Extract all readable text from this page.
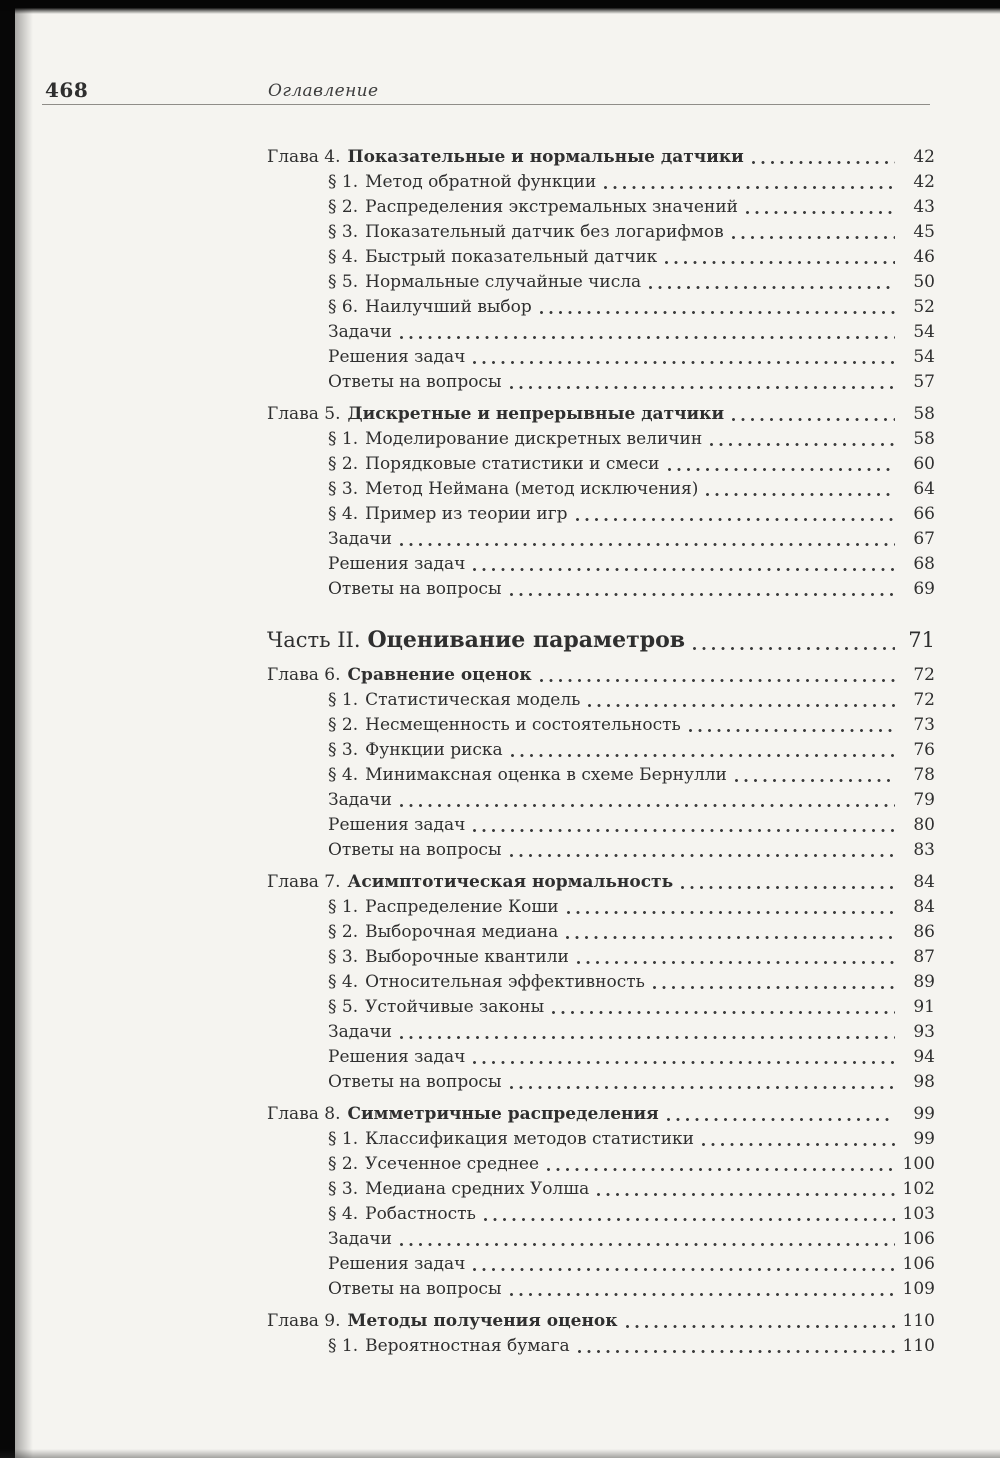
468	Оглавление
Глава 4. Показательные и нормальные датчики	42
§ 1. Метод обратной функции	42
§ 2. Распределения экстремальных значений	43
§ 3. Показательный датчик без логарифмов	45
§ 4. Быстрый показательный датчик	46
§ 5. Нормальные случайные числа	50
§ 6. Наилучший выбор	52
Задачи	54
Решения задач	54
Ответы на вопросы	57
Глава 5. Дискретные и непрерывные датчики	58
§ 1. Моделирование дискретных величин	58
§ 2. Порядковые статистики и смеси	60
§ 3. Метод Неймана (метод исключения)	64
§ 4. Пример из теории игр	66
Задачи	67
Решения задач	68
Ответы на вопросы	69
Часть II. Оценивание параметров	71
Глава 6. Сравнение оценок	72
§ 1. Статистическая модель	72
§ 2. Несмещенность и состоятельность	73
§ 3. Функции риска	76
§ 4. Минимаксная оценка в схеме Бернулли	78
Задачи	79
Решения задач	80
Ответы на вопросы	83
Глава 7. Асимптотическая нормальность	84
§ 1. Распределение Коши	84
§ 2. Выборочная медиана	86
§ 3. Выборочные квантили	87
§ 4. Относительная эффективность	89
§ 5. Устойчивые законы	91
Задачи	93
Решения задач	94
Ответы на вопросы	98
Глава 8. Симметричные распределения	99
§ 1. Классификация методов статистики	99
§ 2. Усеченное среднее	100
§ 3. Медиана средних Уолша	102
§ 4. Робастность	103
Задачи	106
Решения задач	106
Ответы на вопросы	109
Глава 9. Методы получения оценок	110
§ 1. Вероятностная бумага	110
